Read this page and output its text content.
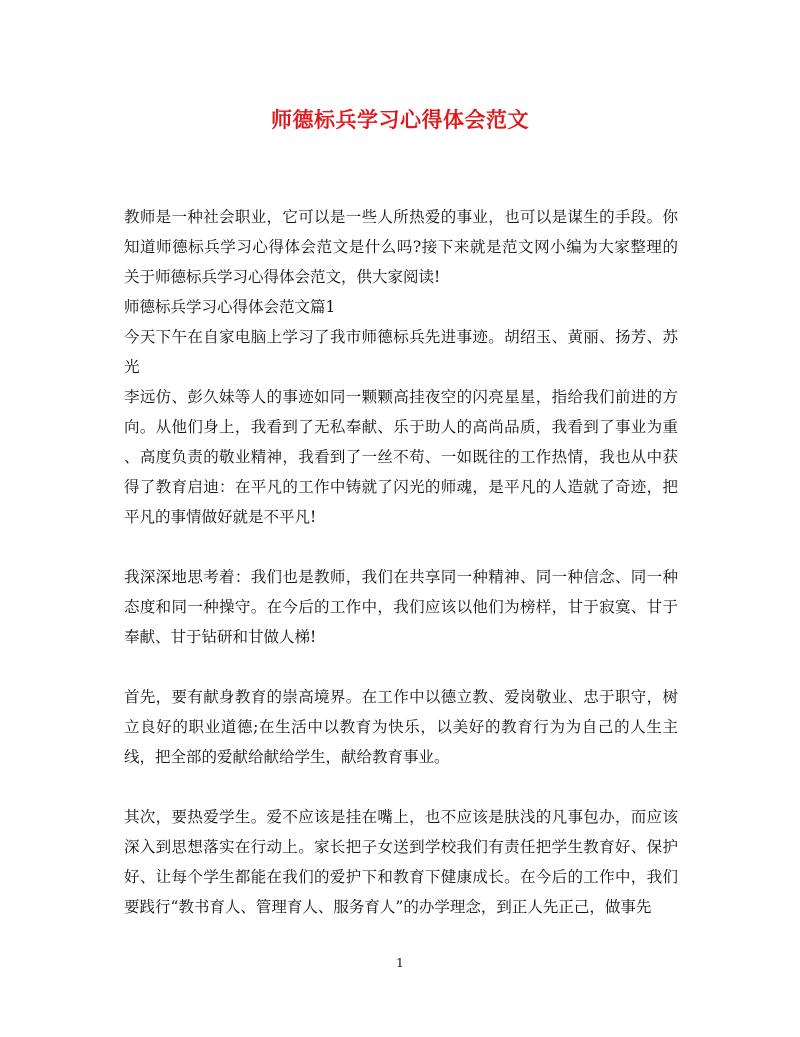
师德标兵学习心得体会范文
教师是一种社会职业，它可以是一些人所热爱的事业，也可以是谋生的手段。你
知道师德标兵学习心得体会范文是什么吗?接下来就是范文网小编为大家整理的
关于师德标兵学习心得体会范文，供大家阅读!
师德标兵学习心得体会范文篇1
今天下午在自家电脑上学习了我市师德标兵先进事迹。胡绍玉、黄丽、扬芳、苏
光
李远仿、彭久妹等人的事迹如同一颗颗高挂夜空的闪亮星星，指给我们前进的方
向。从他们身上，我看到了无私奉献、乐于助人的高尚品质，我看到了事业为重
、高度负责的敬业精神，我看到了一丝不苟、一如既往的工作热情，我也从中获
得了教育启迪：在平凡的工作中铸就了闪光的师魂，是平凡的人造就了奇迹，把
平凡的事情做好就是不平凡!
我深深地思考着：我们也是教师，我们在共享同一种精神、同一种信念、同一种
态度和同一种操守。在今后的工作中，我们应该以他们为榜样，甘于寂寞、甘于
奉献、甘于钻研和甘做人梯!
首先，要有献身教育的崇高境界。在工作中以德立教、爱岗敬业、忠于职守，树
立良好的职业道德;在生活中以教育为快乐，以美好的教育行为为自己的人生主
线，把全部的爱献给献给学生，献给教育事业。
其次，要热爱学生。爱不应该是挂在嘴上，也不应该是肤浅的凡事包办，而应该
深入到思想落实在行动上。家长把子女送到学校我们有责任把学生教育好、保护
好、让每个学生都能在我们的爱护下和教育下健康成长。在今后的工作中，我们
要践行“教书育人、管理育人、服务育人”的办学理念，到正人先正己，做事先
1
